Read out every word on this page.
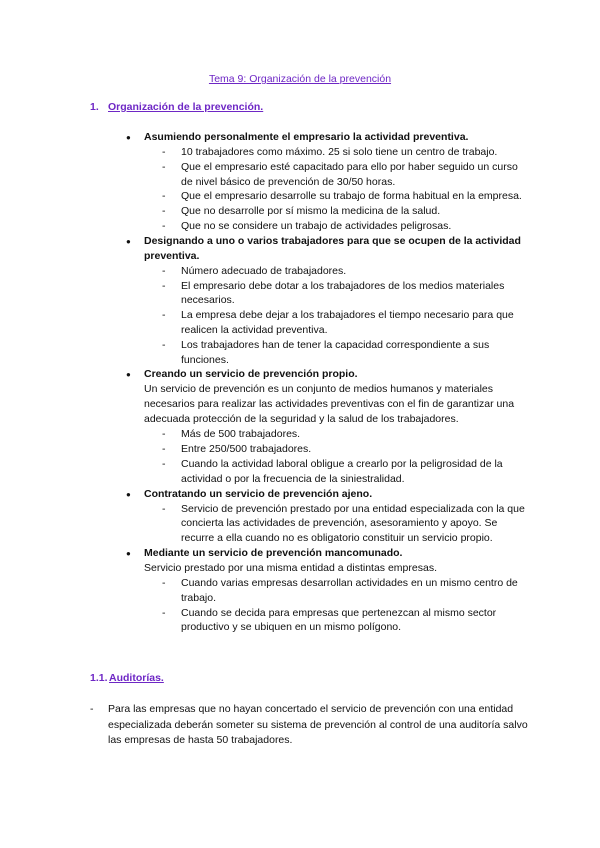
Tema 9: Organización de la prevención
1. Organización de la prevención.
● Asumiendo personalmente el empresario la actividad preventiva.
- 10 trabajadores como máximo. 25 si solo tiene un centro de trabajo.
- Que el empresario esté capacitado para ello por haber seguido un curso de nivel básico de prevención de 30/50 horas.
- Que el empresario desarrolle su trabajo de forma habitual en la empresa.
- Que no desarrolle por sí mismo la medicina de la salud.
- Que no se considere un trabajo de actividades peligrosas.
● Designando a uno o varios trabajadores para que se ocupen de la actividad preventiva.
- Número adecuado de trabajadores.
- El empresario debe dotar a los trabajadores de los medios materiales necesarios.
- La empresa debe dejar a los trabajadores el tiempo necesario para que realicen la actividad preventiva.
- Los trabajadores han de tener la capacidad correspondiente a sus funciones.
● Creando un servicio de prevención propio.
Un servicio de prevención es un conjunto de medios humanos y materiales necesarios para realizar las actividades preventivas con el fin de garantizar una adecuada protección de la seguridad y la salud de los trabajadores.
- Más de 500 trabajadores.
- Entre 250/500 trabajadores.
- Cuando la actividad laboral obligue a crearlo por la peligrosidad de la actividad o por la frecuencia de la siniestralidad.
● Contratando un servicio de prevención ajeno.
- Servicio de prevención prestado por una entidad especializada con la que concierta las actividades de prevención, asesoramiento y apoyo. Se recurre a ella cuando no es obligatorio constituir un servicio propio.
● Mediante un servicio de prevención mancomunado.
Servicio prestado por una misma entidad a distintas empresas.
- Cuando varias empresas desarrollan actividades en un mismo centro de trabajo.
- Cuando se decida para empresas que pertenezcan al mismo sector productivo y se ubiquen en un mismo polígono.
1.1.Auditorías.
-	Para las empresas que no hayan concertado el servicio de prevención con una entidad especializada deberán someter su sistema de prevención al control de una auditoría salvo las empresas de hasta 50 trabajadores.
